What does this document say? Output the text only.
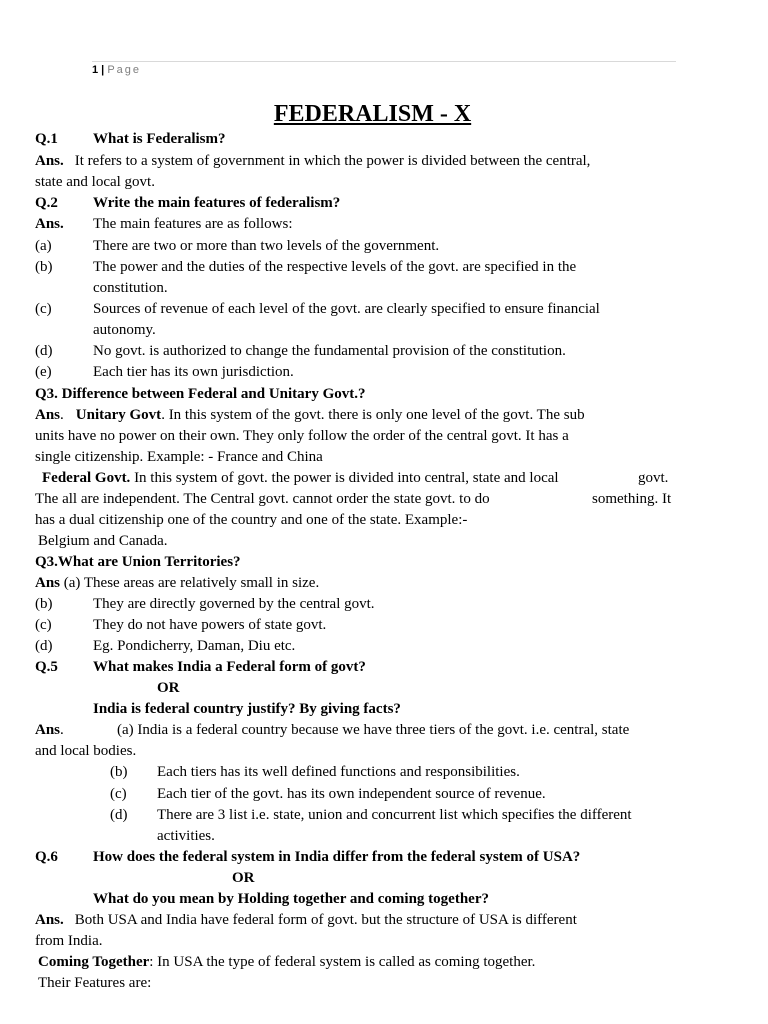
1 | Page
FEDERALISM - X
Q.1 What is Federalism?
Ans. It refers to a system of government in which the power is divided between the central,
state and local govt.
Q.2 Write the main features of federalism?
Ans. The main features are as follows:
(a)	There are two or more than two levels of the government.
(b)	The power and the duties of the respective levels of the govt. are specified in the
constitution.
(c)	Sources of revenue of each level of the govt. are clearly specified to ensure financial
autonomy.
(d)	No govt. is authorized to change the fundamental provision of the constitution.
(e)	Each tier has its own jurisdiction.
Q3. Difference between Federal and Unitary Govt.?
Ans. Unitary Govt. In this system of the govt. there is only one level of the govt. The sub
units have no power on their own. They only follow the order of the central govt. It has a
single citizenship. Example: - France and China
Federal Govt. In this system of govt. the power is divided into central, state and local	govt.
The all are independent. The Central govt. cannot order the state govt. to do	something. It
has a dual citizenship one of the country and one of the state. Example:-
Belgium and Canada.
Q3.What are Union Territories?
Ans (a) These areas are relatively small in size.
(b)	They are directly governed by the central govt.
(c)	They do not have powers of state govt.
(d)	Eg. Pondicherry, Daman, Diu etc.
Q.5 What makes India a Federal form of govt?
OR
India is federal country justify? By giving facts?
Ans.	(a) India is a federal country because we have three tiers of the govt. i.e. central, state
and local bodies.
(b) Each tiers has its well defined functions and responsibilities.
(c) Each tier of the govt. has its own independent source of revenue.
(d) There are 3 list i.e. state, union and concurrent list which specifies the different
activities.
Q.6 How does the federal system in India differ from the federal system of USA?
OR
What do you mean by Holding together and coming together?
Ans. Both USA and India have federal form of govt. but the structure of USA is different
from India.
Coming Together: In USA the type of federal system is called as coming together.
Their Features are:
